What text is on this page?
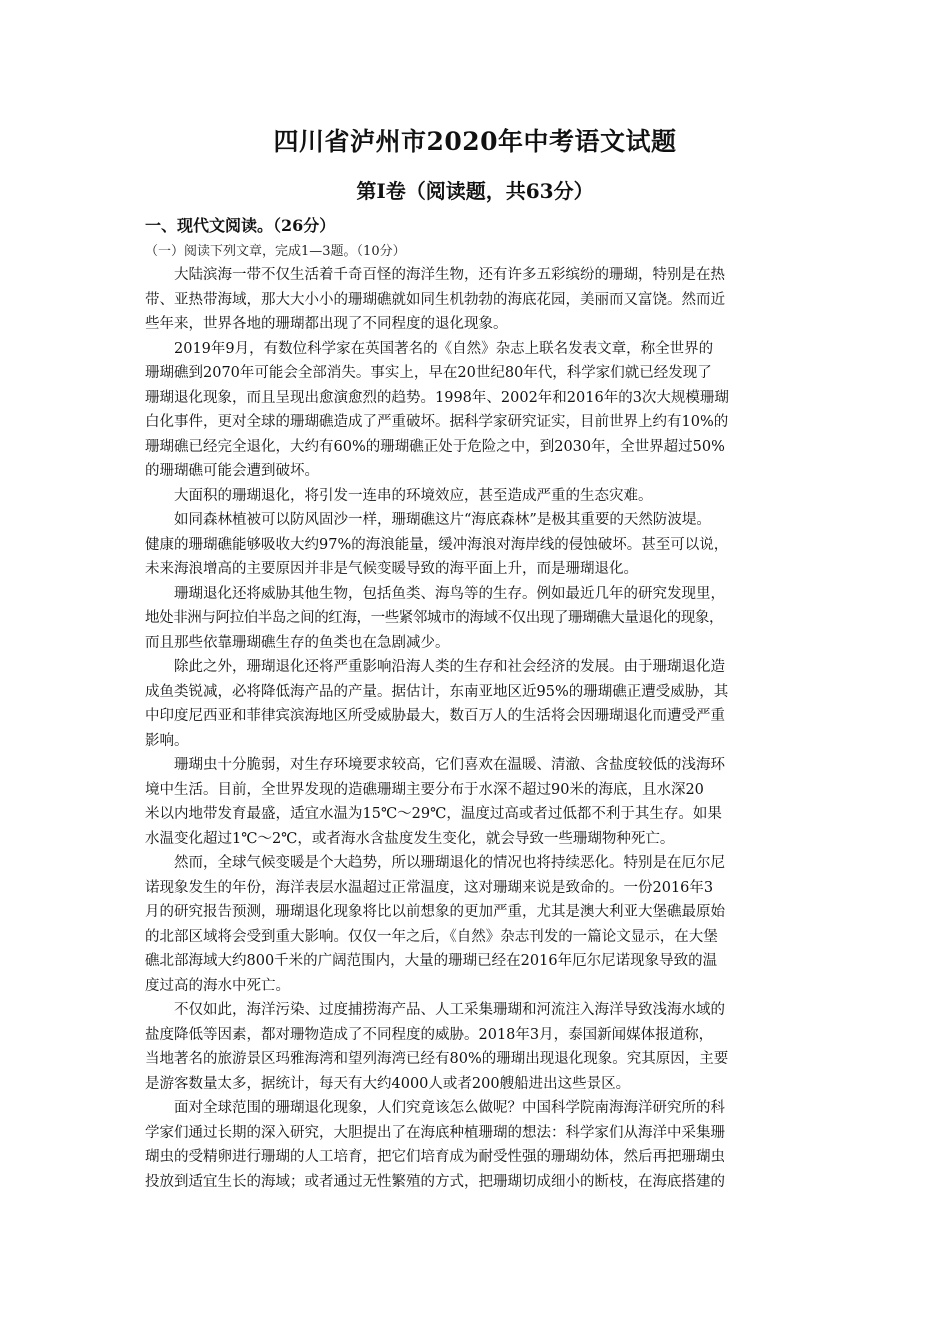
四川省泸州市2020年中考语文试题
第Ⅰ卷（阅读题，共63分）
一、现代文阅读。（26分）
（一）阅读下列文章，完成1—3题。（10分）
大陆滨海一带不仅生活着千奇百怪的海洋生物，还有许多五彩缤纷的珊瑚，特别是在热
带、亚热带海域，那大大小小的珊瑚礁就如同生机勃勃的海底花园，美丽而又富饶。然而近
些年来，世界各地的珊瑚都出现了不同程度的退化现象。
2019年9月，有数位科学家在英国著名的《自然》杂志上联名发表文章，称全世界的
珊瑚礁到2070年可能会全部消失。事实上，早在20世纪80年代，科学家们就已经发现了
珊瑚退化现象，而且呈现出愈演愈烈的趋势。1998年、2002年和2016年的3次大规模珊瑚
白化事件，更对全球的珊瑚礁造成了严重破坏。据科学家研究证实，目前世界上约有10%的
珊瑚礁已经完全退化，大约有60%的珊瑚礁正处于危险之中，到2030年，全世界超过50%
的珊瑚礁可能会遭到破坏。
大面积的珊瑚退化，将引发一连串的环境效应，甚至造成严重的生态灾难。
如同森林植被可以防风固沙一样，珊瑚礁这片“海底森林”是极其重要的天然防波堤。
健康的珊瑚礁能够吸收大约97%的海浪能量，缓冲海浪对海岸线的侵蚀破坏。甚至可以说，
未来海浪增高的主要原因并非是气候变暖导致的海平面上升，而是珊瑚退化。
珊瑚退化还将威胁其他生物，包括鱼类、海鸟等的生存。例如最近几年的研究发现里，
地处非洲与阿拉伯半岛之间的红海，一些紧邻城市的海域不仅出现了珊瑚礁大量退化的现象，
而且那些依靠珊瑚礁生存的鱼类也在急剧减少。
除此之外，珊瑚退化还将严重影响沿海人类的生存和社会经济的发展。由于珊瑚退化造
成鱼类锐减，必将降低海产品的产量。据估计，东南亚地区近95%的珊瑚礁正遭受威胁，其
中印度尼西亚和菲律宾滨海地区所受威胁最大，数百万人的生活将会因珊瑚退化而遭受严重
影响。
珊瑚虫十分脆弱，对生存环境要求较高，它们喜欢在温暖、清澈、含盐度较低的浅海环
境中生活。目前，全世界发现的造礁珊瑚主要分布于水深不超过90米的海底，且水深20
米以内地带发育最盛，适宜水温为15℃～29℃，温度过高或者过低都不利于其生存。如果
水温变化超过1℃～2℃，或者海水含盐度发生变化，就会导致一些珊瑚物种死亡。
然而，全球气候变暖是个大趋势，所以珊瑚退化的情况也将持续恶化。特别是在厄尔尼
诺现象发生的年份，海洋表层水温超过正常温度，这对珊瑚来说是致命的。一份2016年3
月的研究报告预测，珊瑚退化现象将比以前想象的更加严重，尤其是澳大利亚大堡礁最原始
的北部区域将会受到重大影响。仅仅一年之后，《自然》杂志刊发的一篇论文显示，在大堡
礁北部海域大约800千米的广阔范围内，大量的珊瑚已经在2016年厄尔尼诺现象导致的温
度过高的海水中死亡。
不仅如此，海洋污染、过度捕捞海产品、人工采集珊瑚和河流注入海洋导致浅海水域的
盐度降低等因素，都对珊物造成了不同程度的威胁。2018年3月，泰国新闻媒体报道称，
当地著名的旅游景区玛雅海湾和望列海湾已经有80%的珊瑚出现退化现象。究其原因，主要
是游客数量太多，据统计，每天有大约4000人或者200艘船进出这些景区。
面对全球范围的珊瑚退化现象，人们究竟该怎么做呢？中国科学院南海海洋研究所的科
学家们通过长期的深入研究，大胆提出了在海底种植珊瑚的想法：科学家们从海洋中采集珊
瑚虫的受精卵进行珊瑚的人工培育，把它们培育成为耐受性强的珊瑚幼体，然后再把珊瑚虫
投放到适宜生长的海域；或者通过无性繁殖的方式，把珊瑚切成细小的断枝，在海底搭建的
